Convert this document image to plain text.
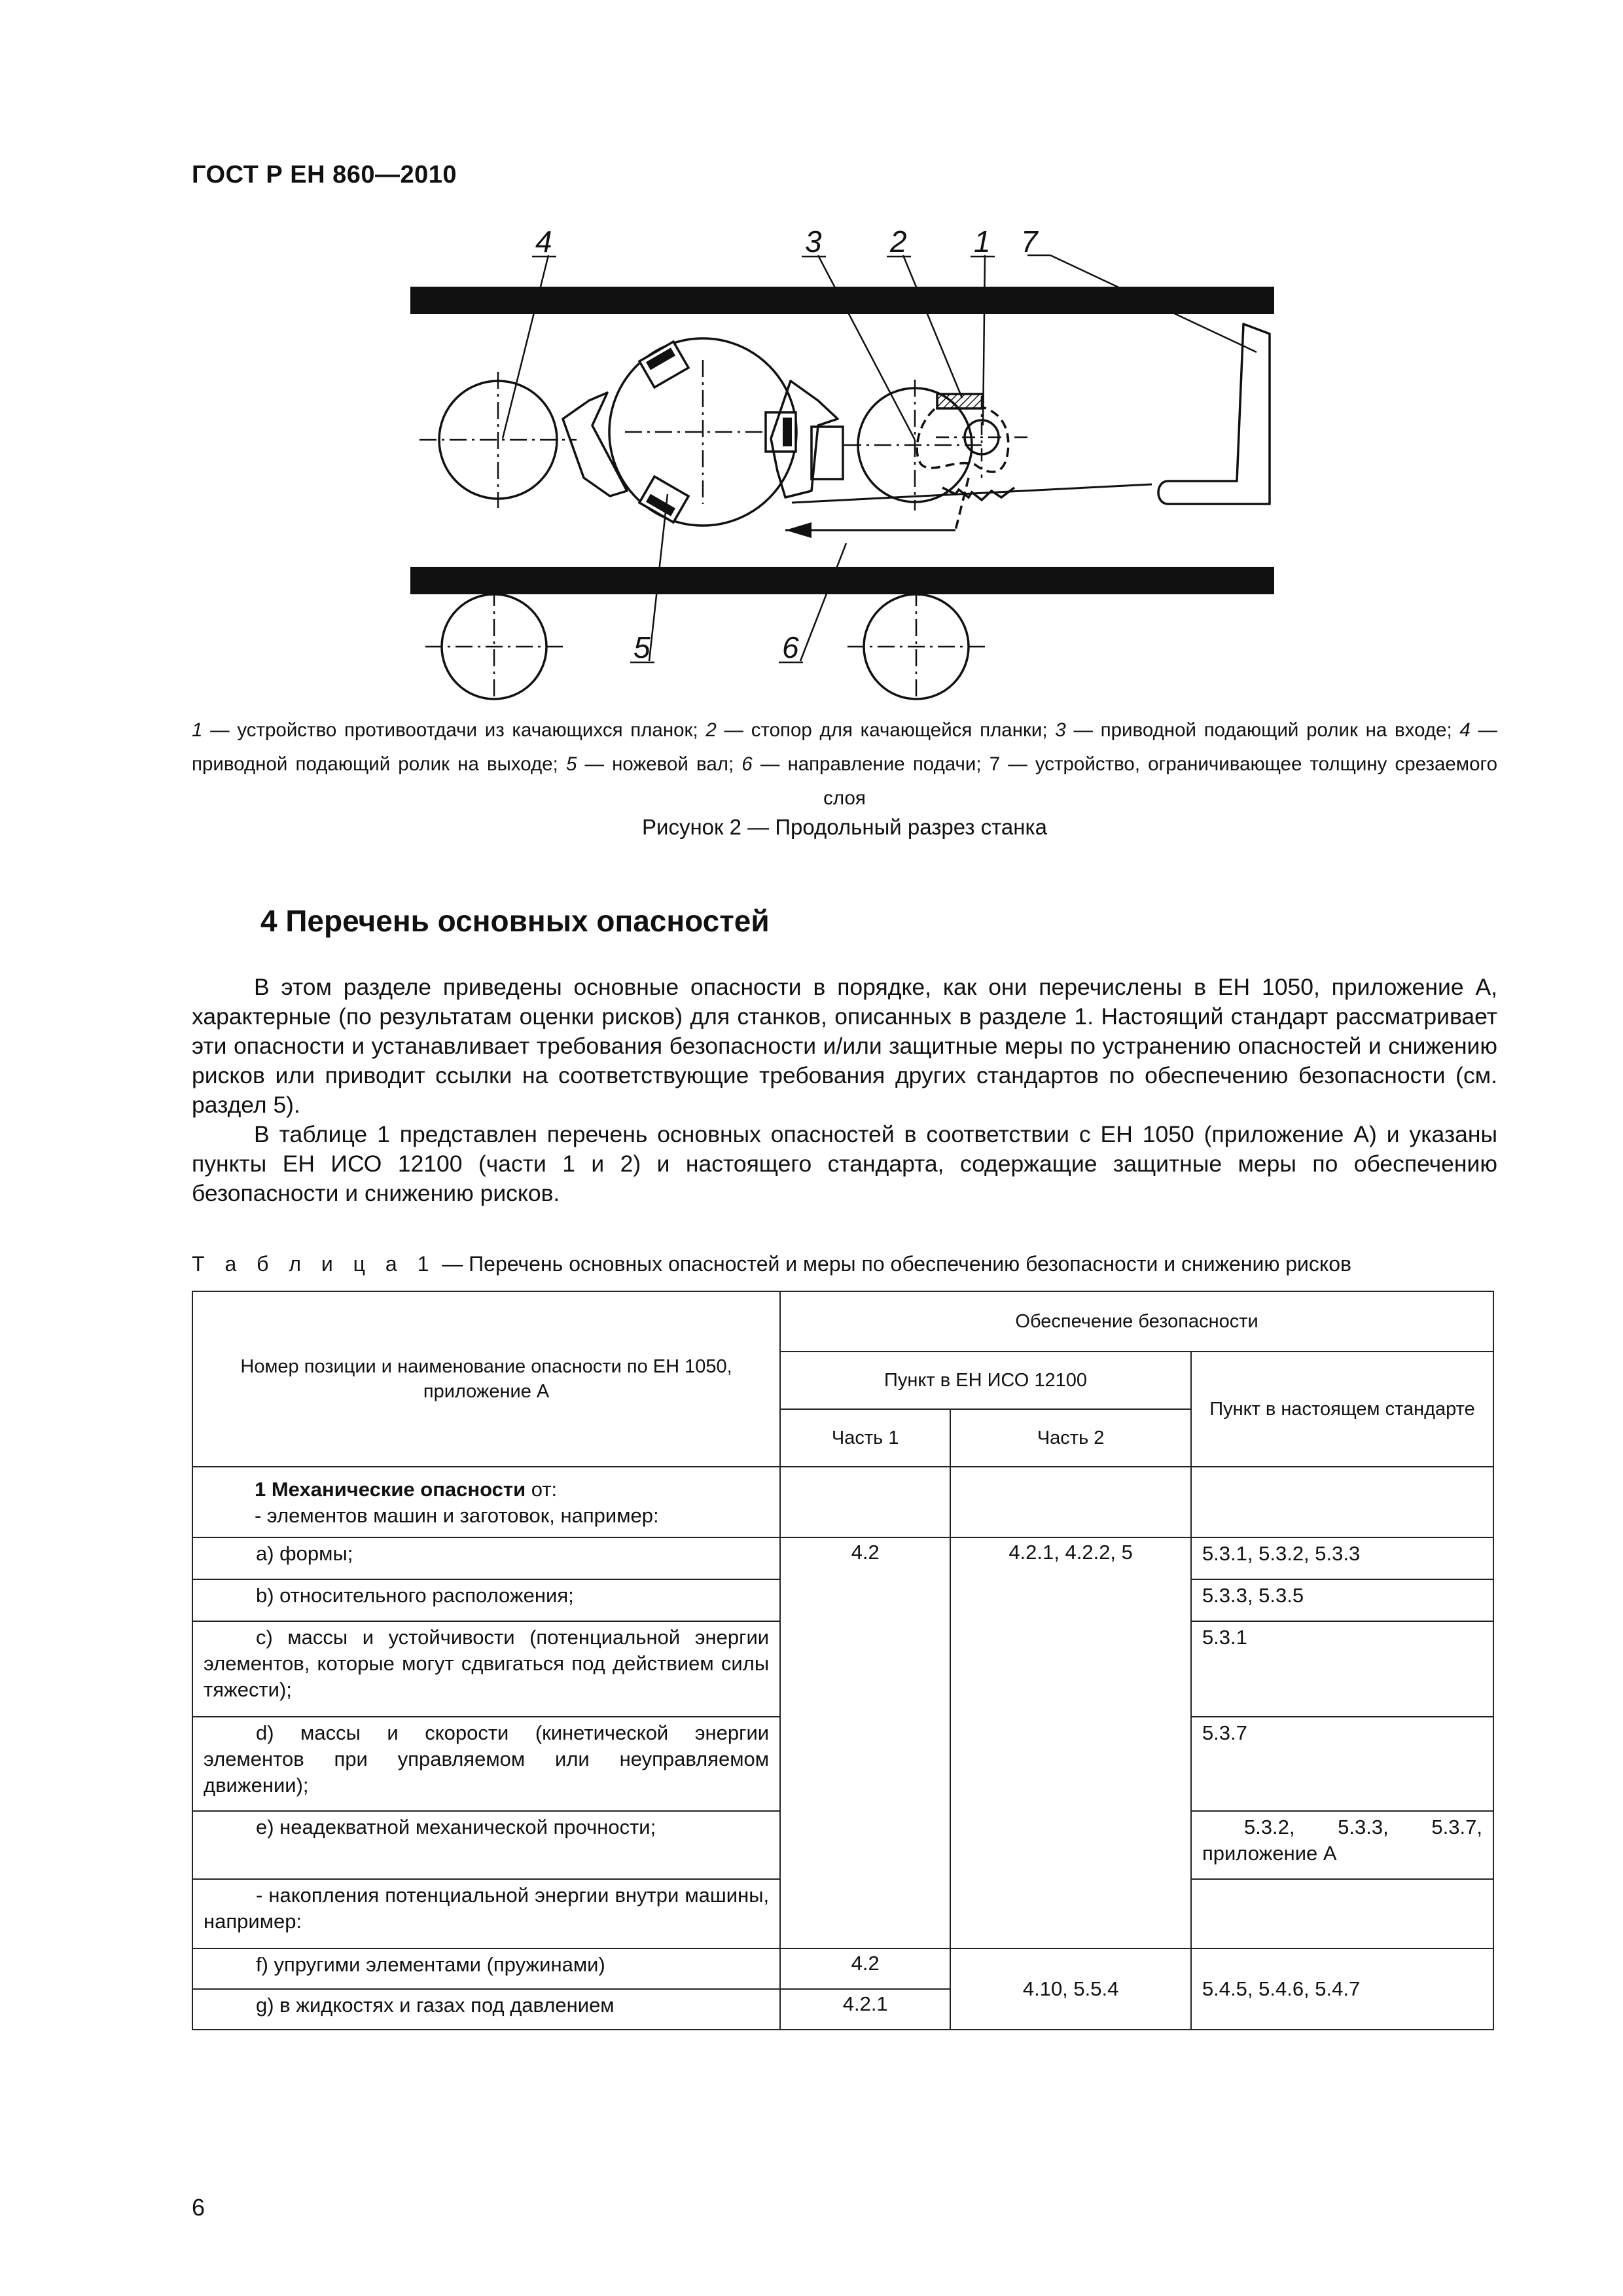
ГОСТ Р ЕН 860—2010
4	3 2 1 7
5	6
1 — устройство противоотдачи из качающихся планок; 2 — стопор для качающейся планки; 3 — приводной подающий ролик на входе; 4 — приводной подающий ролик на выходе; 5 — ножевой вал; 6 — направление подачи; 7 — устройство, ограничивающее толщину срезаемого слоя
Рисунок 2 — Продольный разрез станка
4 Перечень основных опасностей
В этом разделе приведены основные опасности в порядке, как они перечислены в ЕН 1050, приложение А, характерные (по результатам оценки рисков) для станков, описанных в разделе 1. Настоящий стандарт рассматривает эти опасности и устанавливает требования безопасности и/или защитные меры по устранению опасностей и снижению рисков или приводит ссылки на соответствующие требования других стандартов по обеспечению безопасности (см. раздел 5).
В таблице 1 представлен перечень основных опасностей в соответствии с ЕН 1050 (приложение А) и указаны пункты ЕН ИСО 12100 (части 1 и 2) и настоящего стандарта, содержащие защитные меры по обеспечению безопасности и снижению рисков.
Т а б л и ц а 1 — Перечень основных опасностей и меры по обеспечению безопасности и снижению рисков
Номер позиции и наименование опасности по ЕН 1050, приложение А	Обеспечение безопасности		
	Пункт в ЕН ИСО 12100		Пункт в настоящем стандарте
	Часть 1	Часть 2	
1 Механические опасности от:
- элементов машин и заготовок, например:			
a) формы;	4.2	4.2.1, 4.2.2, 5	5.3.1, 5.3.2, 5.3.3
b) относительного расположения;			5.3.3, 5.3.5
с) массы и устойчивости (потенциальной энергии элементов, которые могут сдвигаться под действием силы тяжести);			5.3.1
d) массы и скорости (кинетической энергии элементов при управляемом или неуправляемом движении);			5.3.7
е) неадекватной механической прочности;			5.3.2, 5.3.3, 5.3.7, приложение А
- накопления потенциальной энергии внутри машины, например:			
f) упругими элементами (пружинами)	4.2	4.10, 5.5.4	5.4.5, 5.4.6, 5.4.7
g) в жидкостях и газах под давлением	4.2.1		
6
